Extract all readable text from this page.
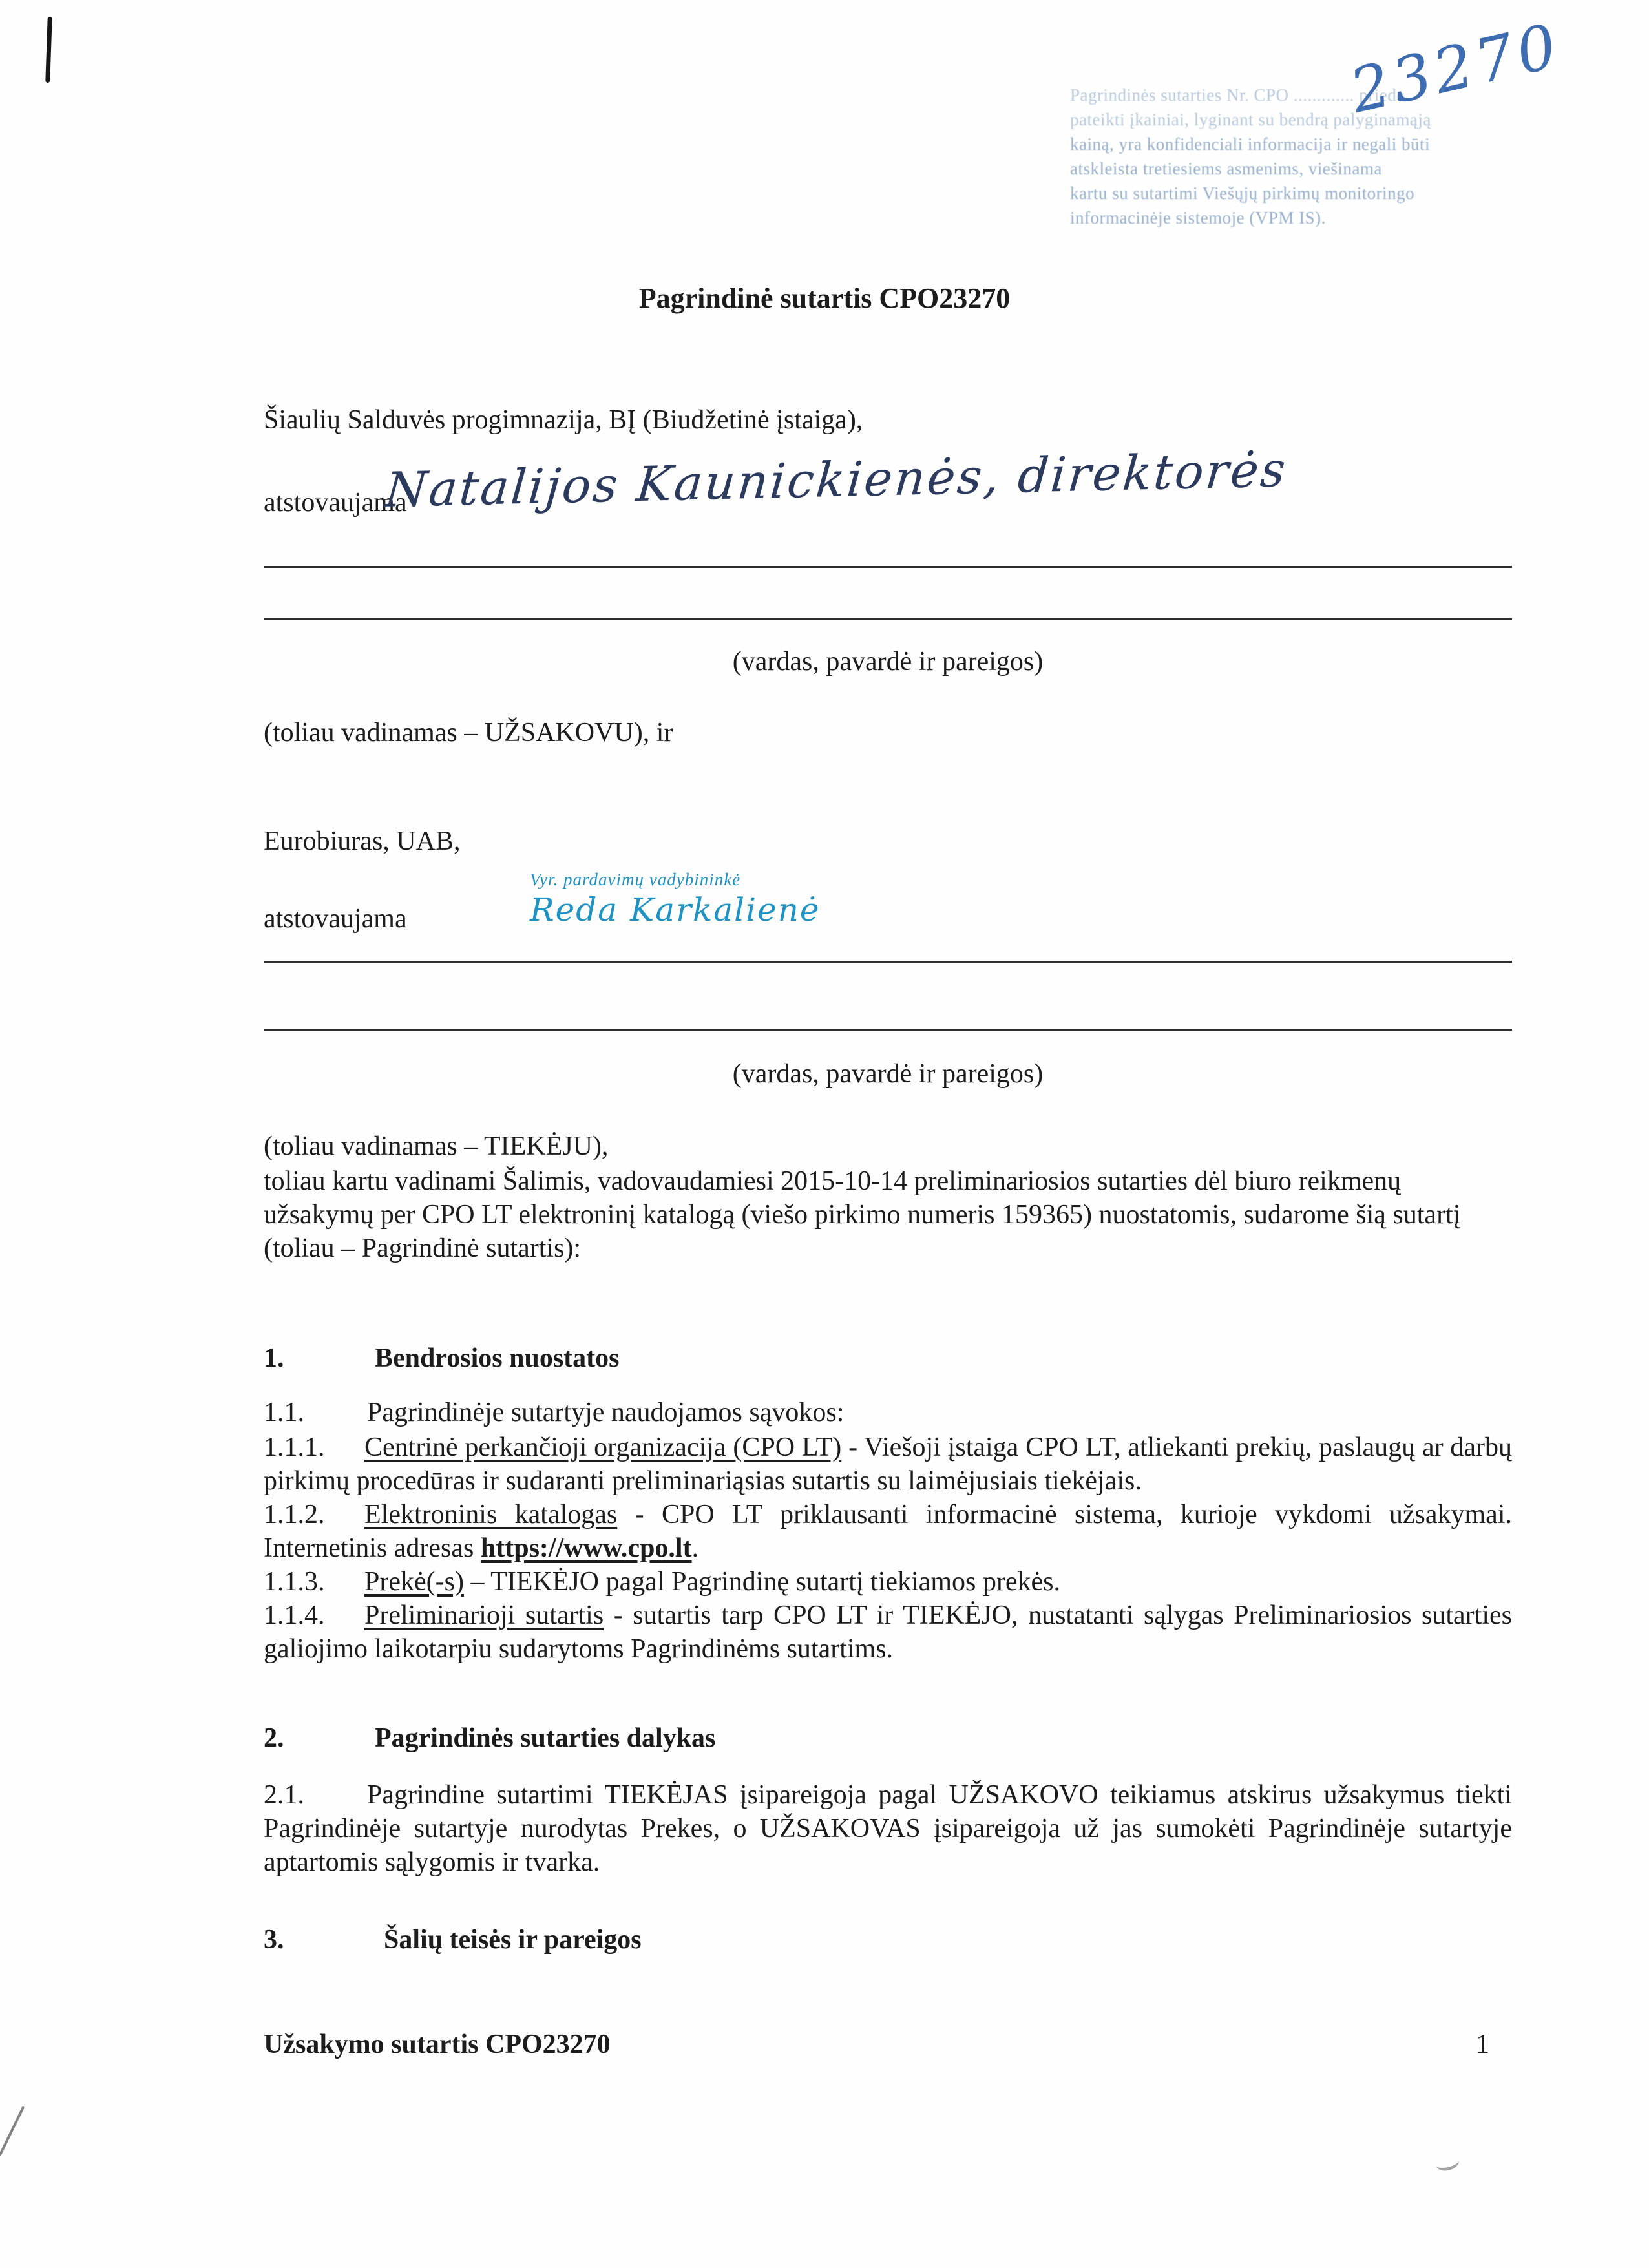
Pagrindinės sutarties Nr. CPO ............. priede
pateikti įkainiai, lyginant su bendrą palyginamąją
kainą, yra konfidenciali informacija ir negali būti
atskleista tretiesiems asmenims, viešinama
kartu su sutartimi Viešųjų pirkimų monitoringo
informacinėje sistemoje (VPM IS).
23270
Pagrindinė sutartis CPO23270
Šiaulių Salduvės progimnazija, BĮ (Biudžetinė įstaiga),
atstovaujama
Natalijos Kaunickienės, direktorės
(vardas, pavardė ir pareigos)
(toliau vadinamas – UŽSAKOVU), ir
Eurobiuras, UAB,
atstovaujama
Vyr. pardavimų vadybininkė
Reda Karkalienė
(vardas, pavardė ir pareigos)
(toliau vadinamas – TIEKĖJU),
toliau kartu vadinami Šalimis, vadovaudamiesi 2015-10-14 preliminariosios sutarties dėl biuro reikmenų užsakymų per CPO LT elektroninį katalogą (viešo pirkimo numeris 159365) nuostatomis, sudarome šią sutartį (toliau – Pagrindinė sutartis):
1.	Bendrosios nuostatos
1.1. Pagrindinėje sutartyje naudojamos sąvokos:
1.1.1. Centrinė perkančioji organizacija (CPO LT) - Viešoji įstaiga CPO LT, atliekanti prekių, paslaugų ar darbų pirkimų procedūras ir sudaranti preliminariąsias sutartis su laimėjusiais tiekėjais.
1.1.2. Elektroninis katalogas - CPO LT priklausanti informacinė sistema, kurioje vykdomi užsakymai. Internetinis adresas https://www.cpo.lt.
1.1.3. Prekė(-s) – TIEKĖJO pagal Pagrindinę sutartį tiekiamos prekės.
1.1.4. Preliminarioji sutartis - sutartis tarp CPO LT ir TIEKĖJO, nustatanti sąlygas Preliminariosios sutarties galiojimo laikotarpiu sudarytoms Pagrindinėms sutartims.
2.	Pagrindinės sutarties dalykas
2.1. Pagrindine sutartimi TIEKĖJAS įsipareigoja pagal UŽSAKOVO teikiamus atskirus užsakymus tiekti Pagrindinėje sutartyje nurodytas Prekes, o UŽSAKOVAS įsipareigoja už jas sumokėti Pagrindinėje sutartyje aptartomis sąlygomis ir tvarka.
3.	Šalių teisės ir pareigos
Užsakymo sutartis CPO23270	1
